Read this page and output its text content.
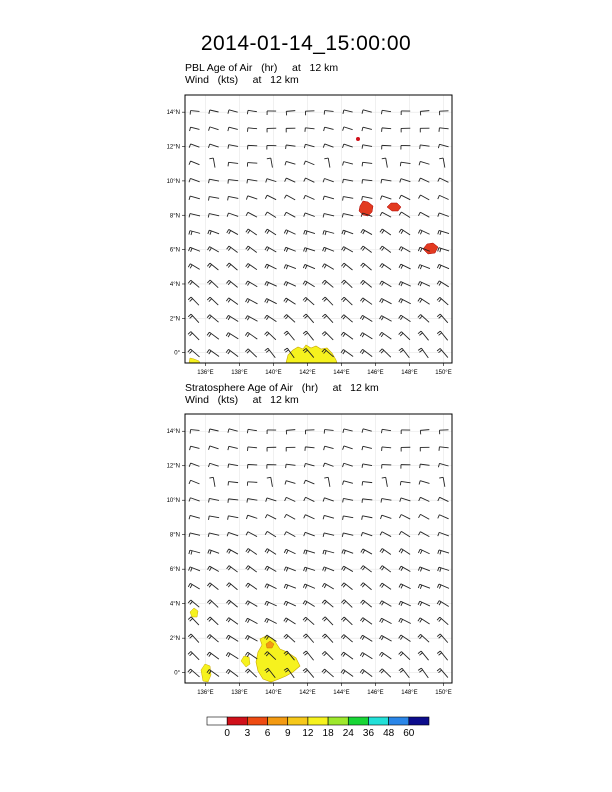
2014-01-14_15:00:00
PBL Age of Air   (hr)     at   12 km
Wind   (kts)     at   12 km
Stratosphere Age of Air   (hr)     at   12 km
Wind   (kts)     at   12 km
136°E	138°E	140°E	142°E	144°E	146°E	148°E	150°E
14°N
12°N
10°N
8°N
6°N
4°N
2°N
0°
136°E	138°E	140°E	142°E	144°E	146°E	148°E	150°E
14°N
12°N
10°N
8°N
6°N
4°N
2°N
0°
0 3 6 9 12 18 24 36 48 60
